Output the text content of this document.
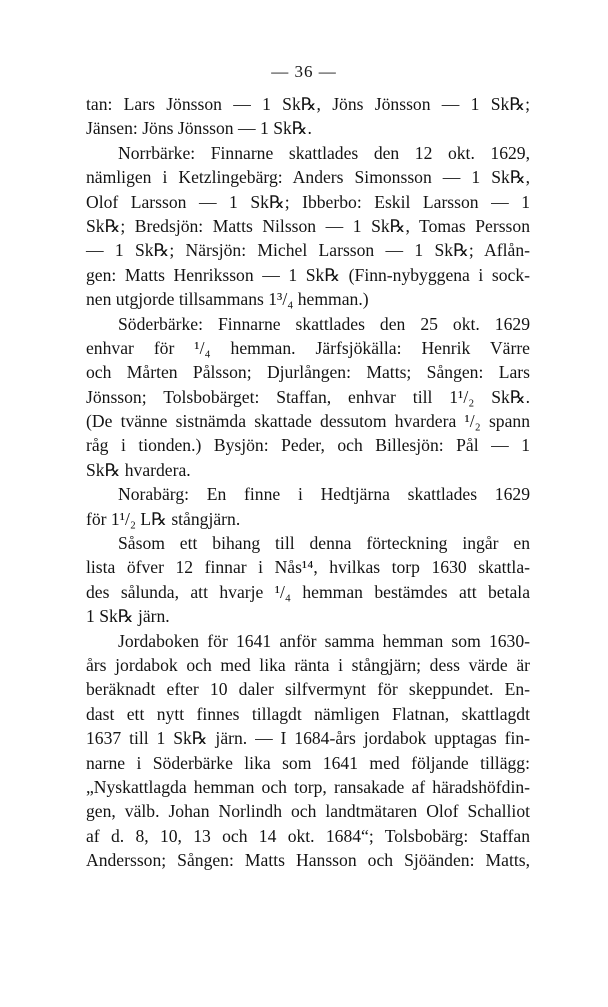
— 36 —
tan: Lars Jönsson — 1 Sk℞, Jöns Jönsson — 1 Sk℞;
Jänsen: Jöns Jönsson — 1 Sk℞.
Norrbärke: Finnarne skattlades den 12 okt. 1629,
nämligen i Ketzlingebärg: Anders Simonsson — 1 Sk℞,
Olof Larsson — 1 Sk℞; Ibberbo: Eskil Larsson — 1
Sk℞; Bredsjön: Matts Nilsson — 1 Sk℞, Tomas Persson
— 1 Sk℞; Närsjön: Michel Larsson — 1 Sk℞; Aflån-
gen: Matts Henriksson — 1 Sk℞ (Finn-nybyggena i sock-
nen utgjorde tillsammans 1³/₄ hemman.)
Söderbärke: Finnarne skattlades den 25 okt. 1629
enhvar för ¹/₄ hemman. Järfsjökälla: Henrik Värre
och Mårten Pålsson; Djurlången: Matts; Sången: Lars
Jönsson; Tolsbobärget: Staffan, enhvar till 1¹/₂ Sk℞.
(De tvänne sistnämda skattade dessutom hvardera ¹/₂ spann
råg i tionden.) Bysjön: Peder, och Billesjön: Pål — 1
Sk℞ hvardera.
Norabärg: En finne i Hedtjärna skattlades 1629
för 1¹/₂ L℞ stångjärn.
Såsom ett bihang till denna förteckning ingår en
lista öfver 12 finnar i Nås¹⁴, hvilkas torp 1630 skattla-
des sålunda, att hvarje ¹/₄ hemman bestämdes att betala
1 Sk℞ järn.
Jordaboken för 1641 anför samma hemman som 1630-
års jordabok och med lika ränta i stångjärn; dess värde är
beräknadt efter 10 daler silfvermynt för skeppundet. En-
dast ett nytt finnes tillagdt nämligen Flatnan, skattlagdt
1637 till 1 Sk℞ järn. — I 1684-års jordabok upptagas fin-
narne i Söderbärke lika som 1641 med följande tillägg:
„Nyskattlagda hemman och torp, ransakade af häradshöfdin-
gen, välb. Johan Norlindh och landtmätaren Olof Schalliot
af d. 8, 10, 13 och 14 okt. 1684“; Tolsbobärg: Staffan
Andersson; Sången: Matts Hansson och Sjöänden: Matts,
